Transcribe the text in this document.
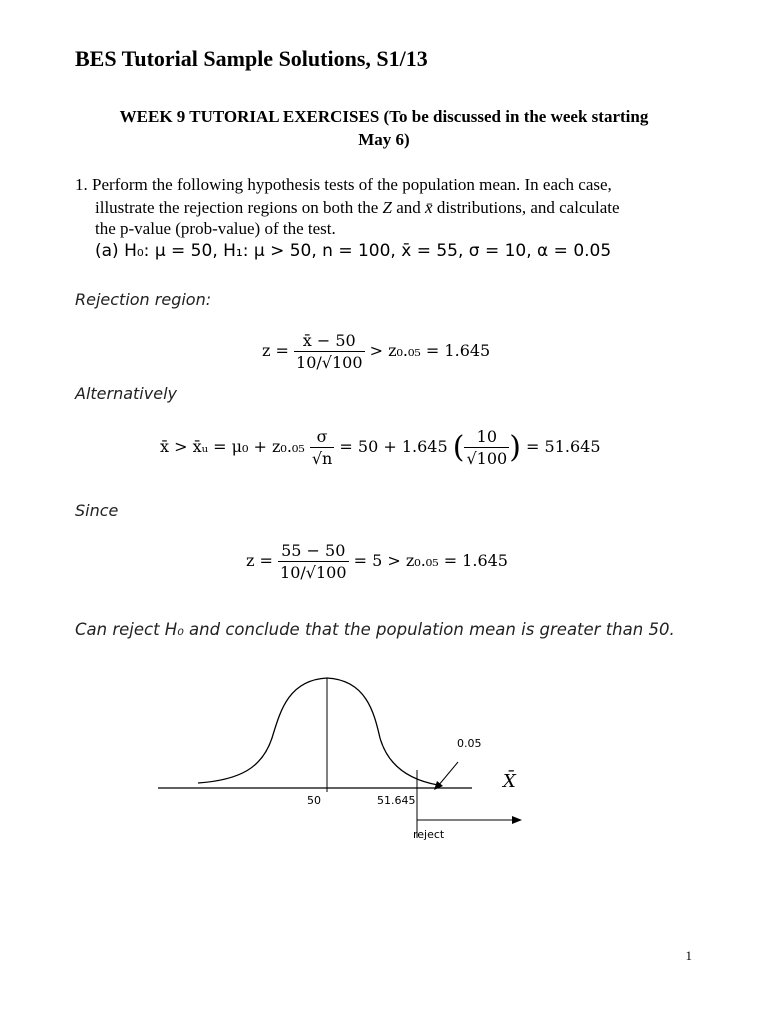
BES Tutorial Sample Solutions, S1/13
WEEK 9 TUTORIAL EXERCISES (To be discussed in the week starting
May 6)
1. Perform the following hypothesis tests of the population mean. In each case,
illustrate the rejection regions on both the Z and x̄ distributions, and calculate
the p-value (prob-value) of the test.
(a) H₀: μ = 50, H₁: μ > 50, n = 100, x̄ = 55, σ = 10, α = 0.05
Rejection region:
$z = \frac{x̄ - 50}{10/√100} > z_0._{05} = 1.645$
Alternatively
x̄ > x̄ᵤ = $\mu_0 + z_0._{05} \frac{\sigma}{√n} = 50 + 1.645$ ( $\frac{10}{√100}$ ) = 51.645
Since
$z = \frac{55 - 50}{10/√100} = 5 > z_0._{05} = 1.645$
Can reject H₀ and conclude that the population mean is greater than 50.
50	51.645
0.05
X̄
reject
1
